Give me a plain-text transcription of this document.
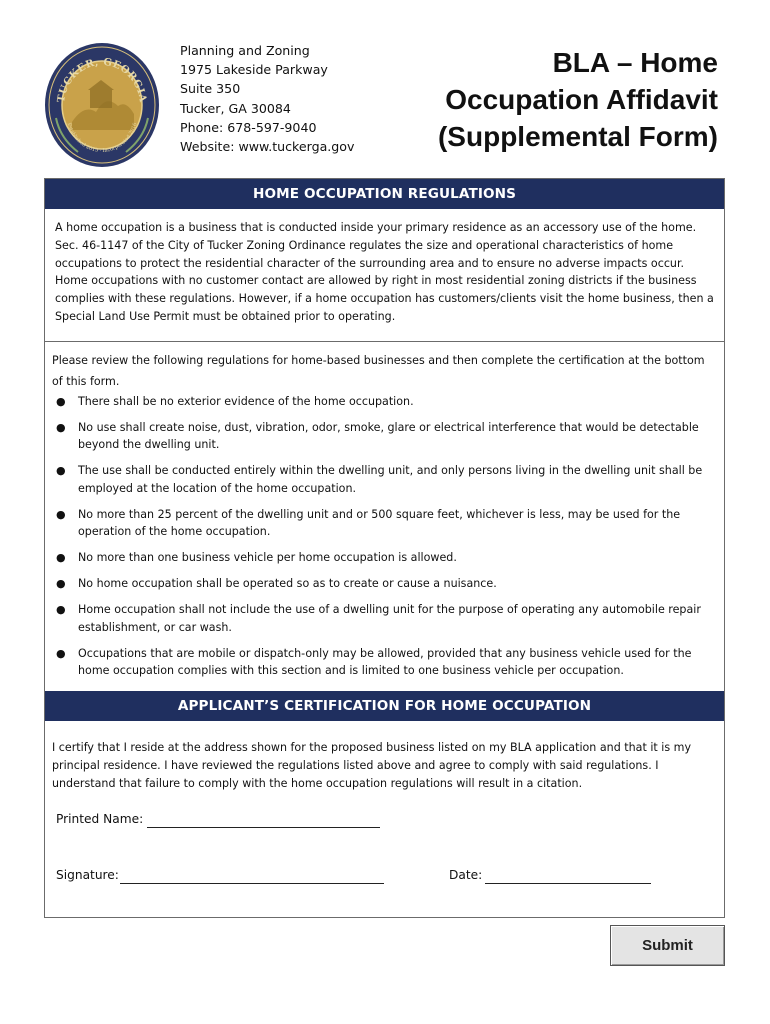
TUCKER, GEORGIA
Established 2015 · Incorporated 2016
Planning and Zoning
1975 Lakeside Parkway
Suite 350
Tucker, GA 30084
Phone: 678-597-9040
Website: www.tuckerga.gov
BLA – Home
Occupation Affidavit
(Supplemental Form)
HOME OCCUPATION REGULATIONS
A home occupation is a business that is conducted inside your primary residence as an accessory use of the home.
Sec. 46-1147 of the City of Tucker Zoning Ordinance regulates the size and operational characteristics of home
occupations to protect the residential character of the surrounding area and to ensure no adverse impacts occur.
Home occupations with no customer contact are allowed by right in most residential zoning districts if the business
complies with these regulations. However, if a home occupation has customers/clients visit the home business, then a
Special Land Use Permit must be obtained prior to operating.
Please review the following regulations for home-based businesses and then complete the certification at the bottom
of this form.
● There shall be no exterior evidence of the home occupation.
● No use shall create noise, dust, vibration, odor, smoke, glare or electrical interference that would be detectable
beyond the dwelling unit.
● The use shall be conducted entirely within the dwelling unit, and only persons living in the dwelling unit shall be
employed at the location of the home occupation.
● No more than 25 percent of the dwelling unit and or 500 square feet, whichever is less, may be used for the
operation of the home occupation.
● No more than one business vehicle per home occupation is allowed.
● No home occupation shall be operated so as to create or cause a nuisance.
● Home occupation shall not include the use of a dwelling unit for the purpose of operating any automobile repair
establishment, or car wash.
● Occupations that are mobile or dispatch-only may be allowed, provided that any business vehicle used for the
home occupation complies with this section and is limited to one business vehicle per occupation.
APPLICANT’S CERTIFICATION FOR HOME OCCUPATION
I certify that I reside at the address shown for the proposed business listed on my BLA application and that it is my
principal residence. I have reviewed the regulations listed above and agree to comply with said regulations. I
understand that failure to comply with the home occupation regulations will result in a citation.
Printed Name:
Signature:	Date:
Submit
